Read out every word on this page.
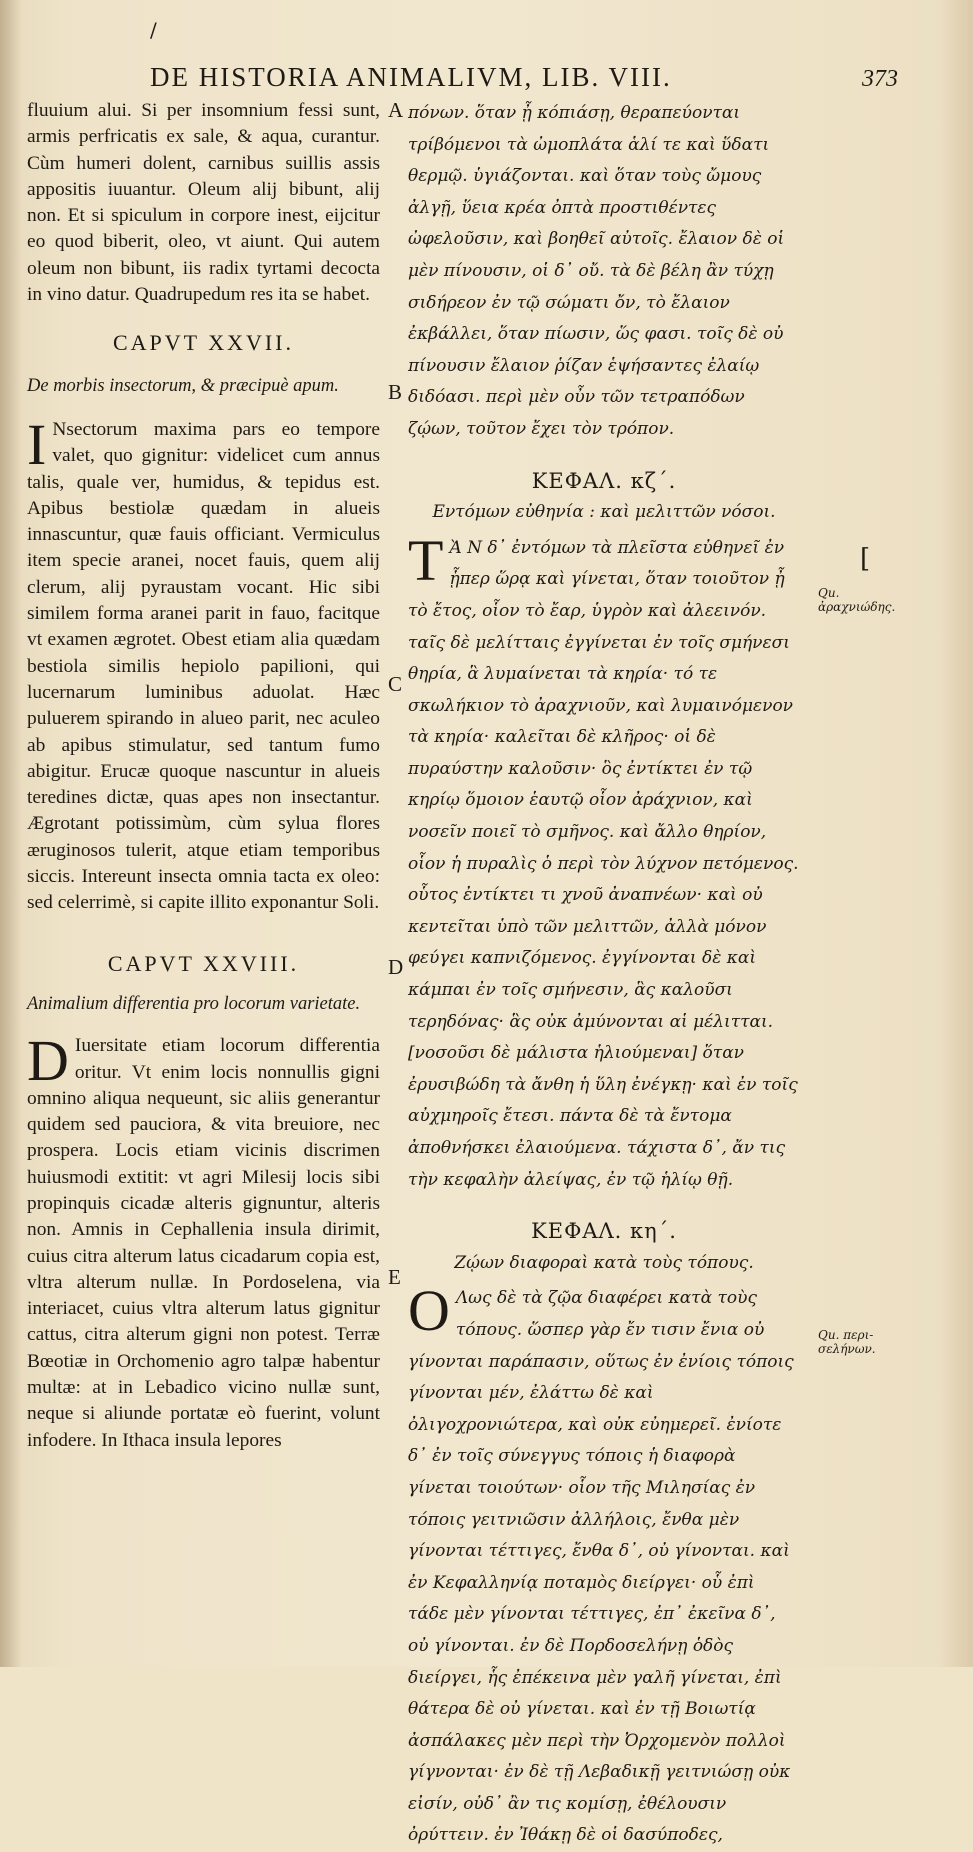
/
DE HISTORIA ANIMALIVM, LIB. VIII.	373

fluuium alui. Si per insomnium fessi sunt, armis perfricatis ex sale, & aqua, curantur. Cùm humeri dolent, carnibus suillis assis appositis iuuantur. Oleum alij bibunt, alij non. Et si spiculum in corpore inest, eijcitur eo quod biberit, oleo, vt aiunt. Qui autem oleum non bibunt, iis radix tyrtami decocta in vino datur. Quadrupedum res ita se habet.

CAPVT XXVII.

De morbis insectorum, & præcipuè apum.

I Nsectorum maxima pars eo tempore valet, quo gignitur: videlicet cum annus talis, quale ver, humidus, & tepidus est. Apibus bestiolæ quædam in alueis innascuntur, quæ fauis officiant. Vermiculus item specie aranei, nocet fauis, quem alij clerum, alij pyraustam vocant. Hic sibi similem forma aranei parit in fauo, facitque vt examen ægrotet. Obest etiam alia quædam bestiola similis hepiolo papilioni, qui lucernarum luminibus aduolat. Hæc puluerem spirando in alueo parit, nec aculeo ab apibus stimulatur, sed tantum fumo abigitur. Erucæ quoque nascuntur in alueis teredines dictæ, quas apes non insectantur. Ægrotant potissimùm, cùm sylua flores æruginosos tulerit, atque etiam temporibus siccis. Intereunt insecta omnia tacta ex oleo: sed celerrimè, si capite illito exponantur Soli.

CAPVT XXVIII.

Animalium differentia pro locorum varietate.

D Iuersitate etiam locorum differentia oritur. Vt enim locis nonnullis gigni omnino aliqua nequeunt, sic aliis generantur quidem sed pauciora, & vita breuiore, nec prospera. Locis etiam vicinis discrimen huiusmodi extitit: vt agri Milesij locis sibi propinquis cicadæ alteris gignuntur, alteris non. Amnis in Cephallenia insula dirimit, cuius citra alterum latus cicadarum copia est, vltra alterum nullæ. In Pordoselena, via interiacet, cuius vltra alterum latus gignitur cattus, citra alterum gigni non potest. Terræ Bœotiæ in Orchomenio agro talpæ habentur multæ: at in Lebadico vicino nullæ sunt, neque si aliunde portatæ eò fuerint, volunt infodere. In Ithaca insula lepores

πόνων. ὅταν ᾖ κόπιάσῃ, θεραπεύονται τρίβόμενοι τὰ ὠμοπλάτα ἁλί τε καὶ ὕδατι θερμῷ. ὑγιάζονται. καὶ ὅταν τοὺς ὤμους ἀλγῇ, ὕεια κρέα ὀπτὰ προστιθέντες ὠφελοῦσιν, καὶ βοηθεῖ αὐτοῖς. ἔλαιον δὲ οἱ μὲν πίνουσιν, οἱ δ᾽ οὔ. τὰ δὲ βέλη ἂν τύχῃ σιδήρεον ἐν τῷ σώματι ὄν, τὸ ἔλαιον ἐκβάλλει, ὅταν πίωσιν, ὥς φασι. τοῖς δὲ οὐ πίνουσιν ἔλαιον ῥίζαν ἑψήσαντες ἐλαίῳ διδόασι. περὶ μὲν οὖν τῶν τετραπόδων ζῴων, τοῦτον ἔχει τὸν τρόπον.

ΚΕΦΑΛ. κζ´.

Εντόμων εὐθηνία : καὶ μελιττῶν νόσοι.

Τ Ὰ Ν δ᾽ ἐντόμων τὰ πλεῖστα εὐθηνεῖ ἐν ᾗπερ ὥρᾳ καὶ γίνεται, ὅταν τοιοῦτον ᾖ τὸ ἔτος, οἷον τὸ ἔαρ, ὑγρὸν καὶ ἀλεεινόν. ταῖς δὲ μελίτταις ἐγγίνεται ἐν τοῖς σμήνεσι θηρία, ἃ λυμαίνεται τὰ κηρία· τό τε σκωλήκιον τὸ ἀραχνιοῦν, καὶ λυμαινόμενον τὰ κηρία· καλεῖται δὲ κλῆρος· οἱ δὲ πυραύστην καλοῦσιν· ὃς ἐντίκτει ἐν τῷ κηρίῳ ὅμοιον ἑαυτῷ οἷον ἀράχνιον, καὶ νοσεῖν ποιεῖ τὸ σμῆνος. καὶ ἄλλο θηρίον, οἷον ἡ πυραλὶς ὁ περὶ τὸν λύχνον πετόμενος. οὗτος ἐντίκτει τι χνοῦ ἀναπνέων· καὶ οὐ κεντεῖται ὑπὸ τῶν μελιττῶν, ἀλλὰ μόνον φεύγει καπνιζόμενος. ἐγγίνονται δὲ καὶ κάμπαι ἐν τοῖς σμήνεσιν, ἃς καλοῦσι τερηδόνας· ἃς οὐκ ἀμύνονται αἱ μέλιτται. [νοσοῦσι δὲ μάλιστα ἡλιούμεναι] ὅταν ἐρυσιβώδη τὰ ἄνθη ἡ ὕλη ἐνέγκῃ· καὶ ἐν τοῖς αὐχμηροῖς ἔτεσι. πάντα δὲ τὰ ἔντομα ἀποθνήσκει ἐλαιούμενα. τάχιστα δ᾽, ἄν τις τὴν κεφαλὴν ἀλείψας, ἐν τῷ ἡλίῳ θῇ.

ΚΕΦΑΛ. κη´.

Ζῴων διαφοραὶ κατὰ τοὺς τόπους.

Ο Λως δὲ τὰ ζῷα διαφέρει κατὰ τοὺς τόπους. ὥσπερ γὰρ ἔν τισιν ἔνια οὐ γίνονται παράπασιν, οὕτως ἐν ἐνίοις τόποις γίνονται μέν, ἐλάττω δὲ καὶ ὀλιγοχρονιώτερα, καὶ οὐκ εὐημερεῖ. ἐνίοτε δ᾽ ἐν τοῖς σύνεγγυς τόποις ἡ διαφορὰ γίνεται τοιούτων· οἷον τῆς Μιλησίας ἐν τόποις γειτνιῶσιν ἀλλήλοις, ἔνθα μὲν γίνονται τέττιγες, ἔνθα δ᾽, οὐ γίνονται. καὶ ἐν Κεφαλληνίᾳ ποταμὸς διείργει· οὗ ἐπὶ τάδε μὲν γίνονται τέττιγες, ἐπ᾽ ἐκεῖνα δ᾽, οὐ γίνονται. ἐν δὲ Πορδοσελήνῃ ὁδὸς διείργει, ἧς ἐπέκεινα μὲν γαλῆ γίνεται, ἐπὶ θάτερα δὲ οὐ γίνεται. καὶ ἐν τῇ Βοιωτίᾳ ἀσπάλακες μὲν περὶ τὴν Ὀρχομενὸν πολλοὶ γίγνονται· ἐν δὲ τῇ Λεβαδικῇ γειτνιώσῃ οὐκ εἰσίν, οὐδ᾽ ἂν τις κομίσῃ, ἐθέλουσιν ὀρύττειν. ἐν Ἰθάκῃ δὲ οἱ δασύποδες,

A
B
C
D
E
Qu. ἀραχνιώδης.
Qu. περι-σελήνων.
[
